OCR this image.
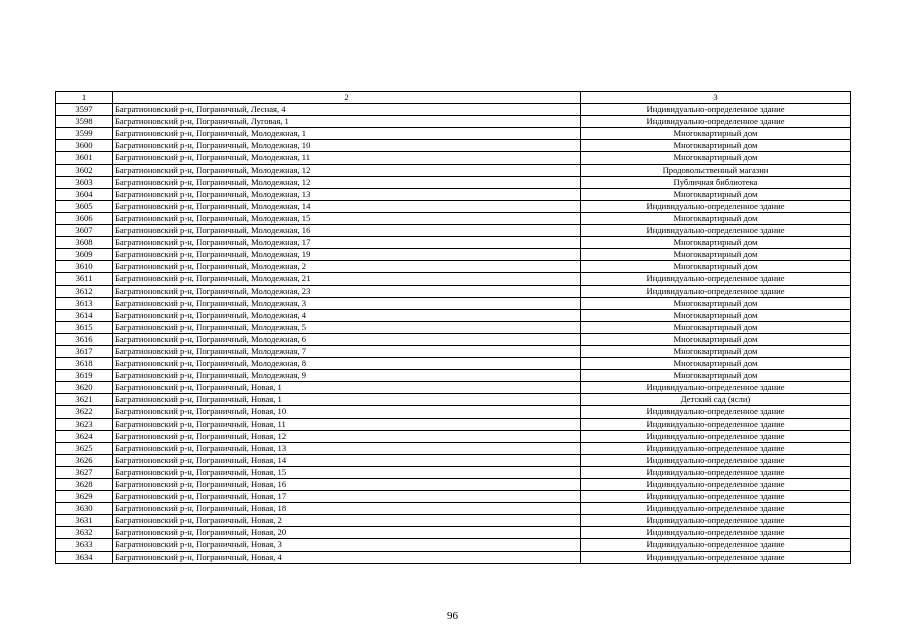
1	2	3
3597	Багратионовский р-н, Пограничный, Лесная, 4	Индивидуально-определенное здание
3598	Багратионовский р-н, Пограничный, Луговая, 1	Индивидуально-определенное здание
3599	Багратионовский р-н, Пограничный, Молодежная, 1	Многоквартирный дом
3600	Багратионовский р-н, Пограничный, Молодежная, 10	Многоквартирный дом
3601	Багратионовский р-н, Пограничный, Молодежная, 11	Многоквартирный дом
3602	Багратионовский р-н, Пограничный, Молодежная, 12	Продовольственный магазин
3603	Багратионовский р-н, Пограничный, Молодежная, 12	Публичная библиотека
3604	Багратионовский р-н, Пограничный, Молодежная, 13	Многоквартирный дом
3605	Багратионовский р-н, Пограничный, Молодежная, 14	Индивидуально-определенное здание
3606	Багратионовский р-н, Пограничный, Молодежная, 15	Многоквартирный дом
3607	Багратионовский р-н, Пограничный, Молодежная, 16	Индивидуально-определенное здание
3608	Багратионовский р-н, Пограничный, Молодежная, 17	Многоквартирный дом
3609	Багратионовский р-н, Пограничный, Молодежная, 19	Многоквартирный дом
3610	Багратионовский р-н, Пограничный, Молодежная, 2	Многоквартирный дом
3611	Багратионовский р-н, Пограничный, Молодежная, 21	Индивидуально-определенное здание
3612	Багратионовский р-н, Пограничный, Молодежная, 23	Индивидуально-определенное здание
3613	Багратионовский р-н, Пограничный, Молодежная, 3	Многоквартирный дом
3614	Багратионовский р-н, Пограничный, Молодежная, 4	Многоквартирный дом
3615	Багратионовский р-н, Пограничный, Молодежная, 5	Многоквартирный дом
3616	Багратионовский р-н, Пограничный, Молодежная, 6	Многоквартирный дом
3617	Багратионовский р-н, Пограничный, Молодежная, 7	Многоквартирный дом
3618	Багратионовский р-н, Пограничный, Молодежная, 8	Многоквартирный дом
3619	Багратионовский р-н, Пограничный, Молодежная, 9	Многоквартирный дом
3620	Багратионовский р-н, Пограничный, Новая, 1	Индивидуально-определенное здание
3621	Багратионовский р-н, Пограничный, Новая, 1	Детский сад (ясли)
3622	Багратионовский р-н, Пограничный, Новая, 10	Индивидуально-определенное здание
3623	Багратионовский р-н, Пограничный, Новая, 11	Индивидуально-определенное здание
3624	Багратионовский р-н, Пограничный, Новая, 12	Индивидуально-определенное здание
3625	Багратионовский р-н, Пограничный, Новая, 13	Индивидуально-определенное здание
3626	Багратионовский р-н, Пограничный, Новая, 14	Индивидуально-определенное здание
3627	Багратионовский р-н, Пограничный, Новая, 15	Индивидуально-определенное здание
3628	Багратионовский р-н, Пограничный, Новая, 16	Индивидуально-определенное здание
3629	Багратионовский р-н, Пограничный, Новая, 17	Индивидуально-определенное здание
3630	Багратионовский р-н, Пограничный, Новая, 18	Индивидуально-определенное здание
3631	Багратионовский р-н, Пограничный, Новая, 2	Индивидуально-определенное здание
3632	Багратионовский р-н, Пограничный, Новая, 20	Индивидуально-определенное здание
3633	Багратионовский р-н, Пограничный, Новая, 3	Индивидуально-определенное здание
3634	Багратионовский р-н, Пограничный, Новая, 4	Индивидуально-определенное здание
96
